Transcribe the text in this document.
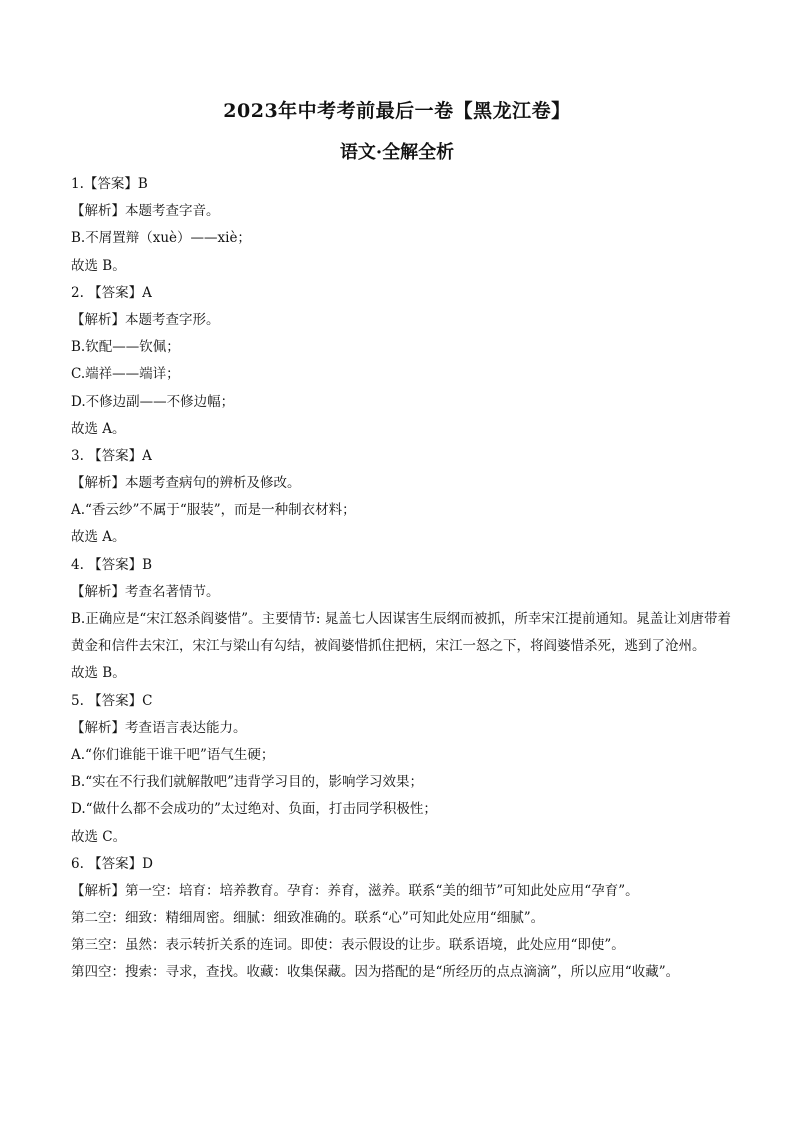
2023年中考考前最后一卷【黑龙江卷】
语文·全解全析
1.【答案】B
【解析】本题考查字音。
B.不屑置辩（xuè）——xiè；
故选 B。
2. 【答案】A
【解析】本题考查字形。
B.钦配——钦佩；
C.端祥——端详；
D.不修边副——不修边幅；
故选 A。
3. 【答案】A
【解析】本题考查病句的辨析及修改。
A.“香云纱”不属于“服装”，而是一种制衣材料；
故选 A。
4. 【答案】B
【解析】考查名著情节。
B.正确应是“宋江怒杀阎婆惜”。主要情节: 晁盖七人因谋害生辰纲而被抓，所幸宋江提前通知。晁盖让刘唐带着黄金和信件去宋江，宋江与梁山有勾结，被阎婆惜抓住把柄，宋江一怒之下，将阎婆惜杀死，逃到了沧州。
故选 B。
5. 【答案】C
【解析】考查语言表达能力。
A.“你们谁能干谁干吧”语气生硬；
B.“实在不行我们就解散吧”违背学习目的，影响学习效果；
D.“做什么都不会成功的”太过绝对、负面，打击同学积极性；
故选 C。
6. 【答案】D
【解析】第一空：培育：培养教育。孕育：养育，滋养。联系“美的细节”可知此处应用“孕育”。
第二空：细致：精细周密。细腻：细致准确的。联系“心”可知此处应用“细腻”。
第三空：虽然：表示转折关系的连词。即使：表示假设的让步。联系语境，此处应用“即使”。
第四空：搜索：寻求，查找。收藏：收集保藏。因为搭配的是“所经历的点点滴滴”，所以应用“收藏”。
